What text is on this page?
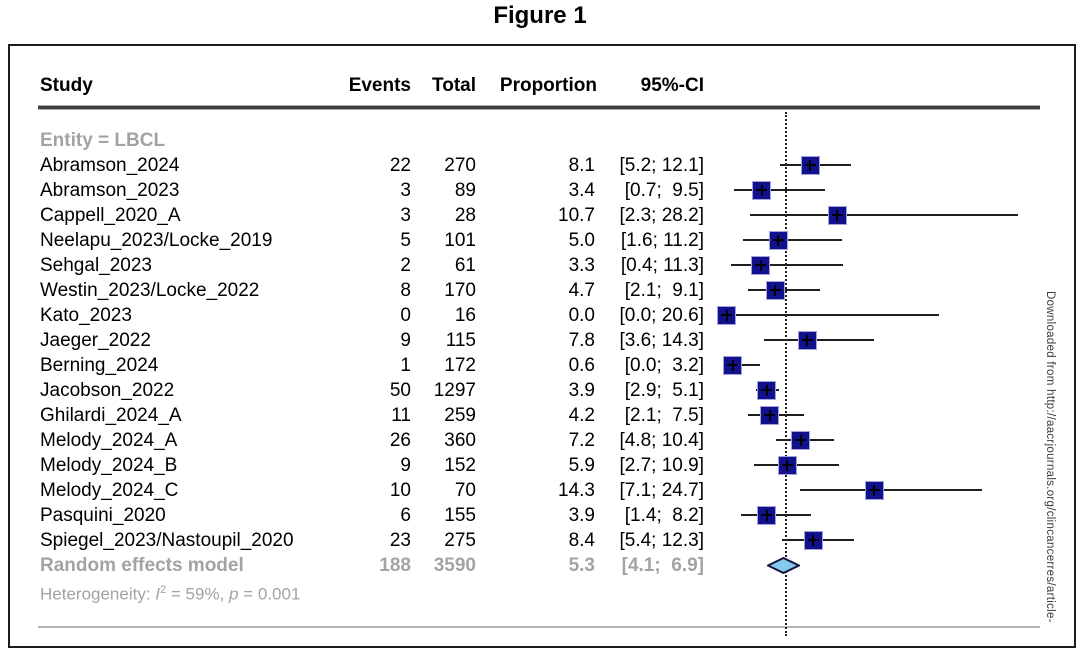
Figure 1
Study	Events	Total	Proportion	95%-CI
Entity = LBCL
Abramson_2024	22	270	8.1	[5.2; 12.1]
Abramson_2023	3	89	3.4	[0.7;  9.5]
Cappell_2020_A	3	28	10.7	[2.3; 28.2]
Neelapu_2023/Locke_2019	5	101	5.0	[1.6; 11.2]
Sehgal_2023	2	61	3.3	[0.4; 11.3]
Westin_2023/Locke_2022	8	170	4.7	[2.1;  9.1]
Kato_2023	0	16	0.0	[0.0; 20.6]
Jaeger_2022	9	115	7.8	[3.6; 14.3]
Berning_2024	1	172	0.6	[0.0;  3.2]
Jacobson_2022	50	1297	3.9	[2.9;  5.1]
Ghilardi_2024_A	11	259	4.2	[2.1;  7.5]
Melody_2024_A	26	360	7.2	[4.8; 10.4]
Melody_2024_B	9	152	5.9	[2.7; 10.9]
Melody_2024_C	10	70	14.3	[7.1; 24.7]
Pasquini_2020	6	155	3.9	[1.4;  8.2]
Spiegel_2023/Nastoupil_2020	23	275	8.4	[5.4; 12.3]
Random effects model	188	3590	5.3	[4.1;  6.9]
Heterogeneity: $I^2 = 59\%$, p = 0.001	Downloaded from http://aacrjournals.org/clincancerres/article-
